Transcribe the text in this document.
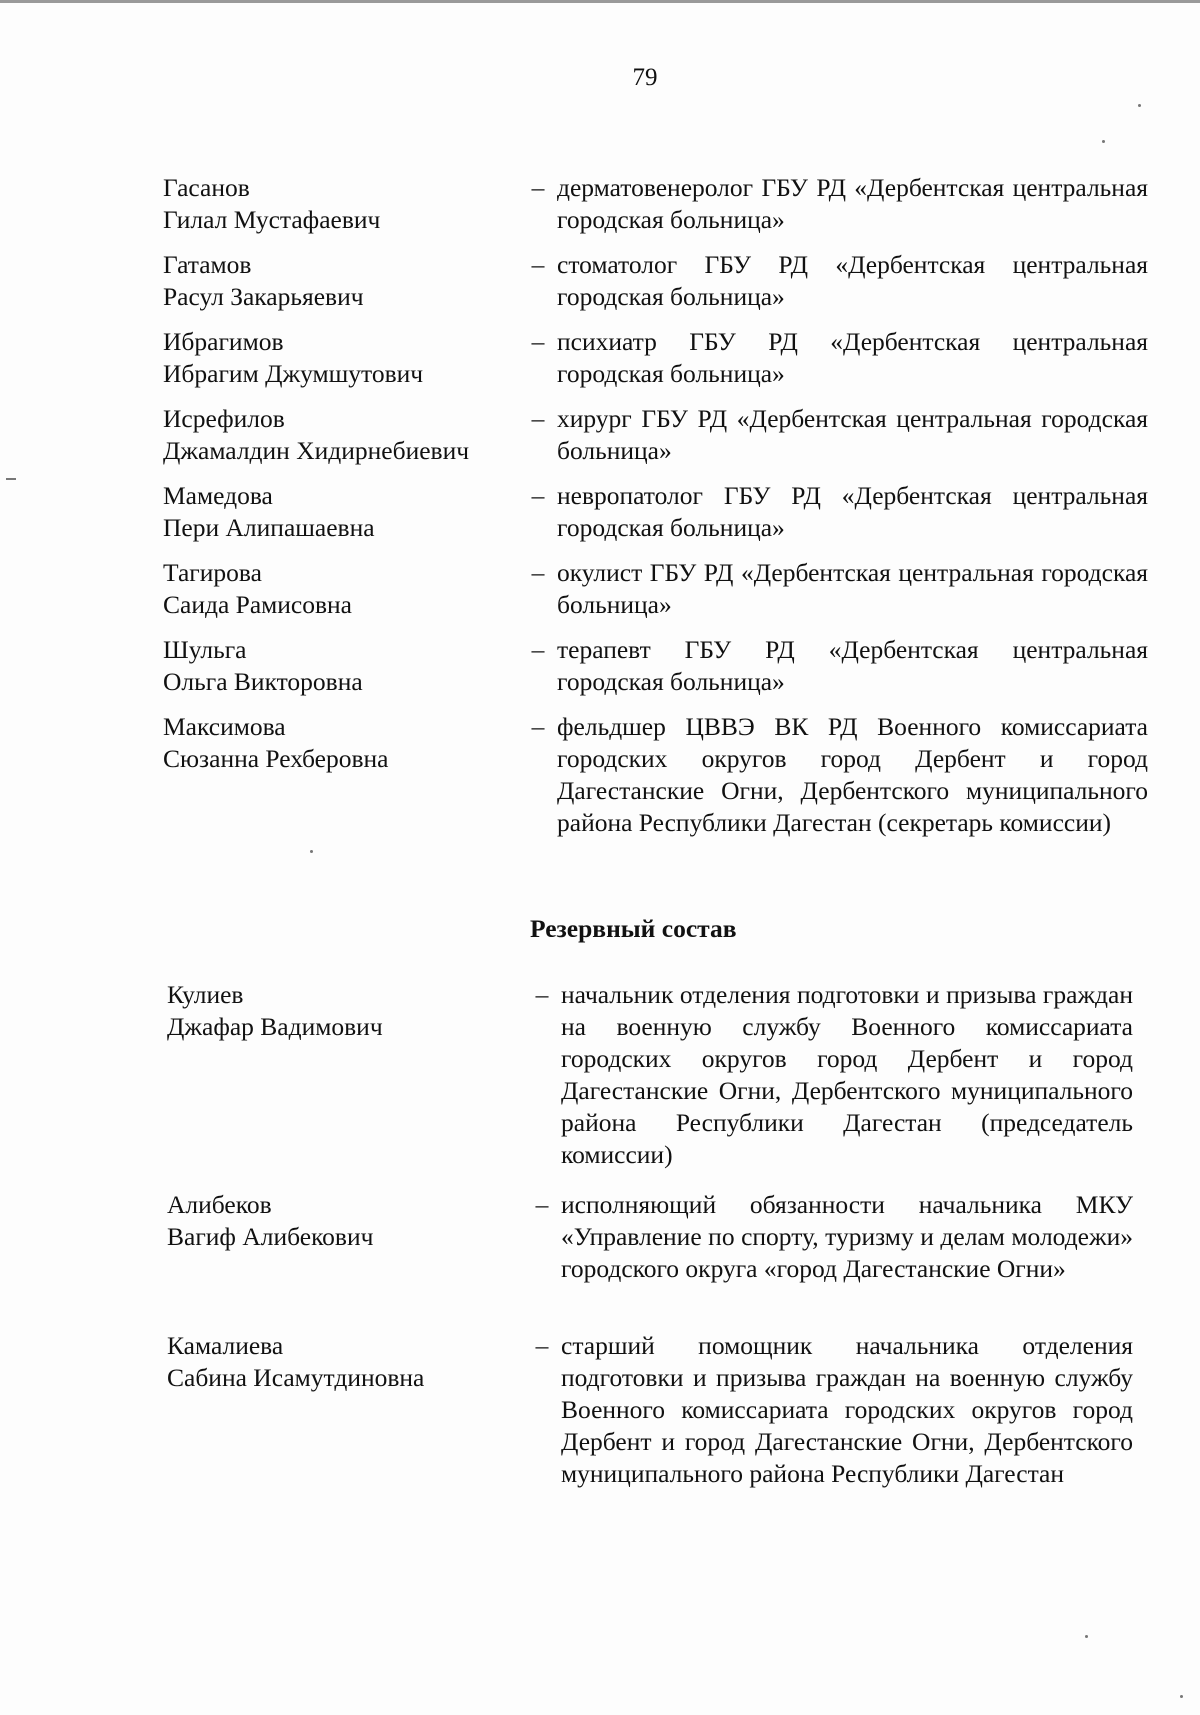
79
Гасанов
Гилал Мустафаевич
– дерматовенеролог ГБУ РД «Дербентская центральная городская больница»
Гатамов
Расул Закарьяевич
– стоматолог ГБУ РД «Дербентская центральная городская больница»
Ибрагимов
Ибрагим Джумшутович
– психиатр ГБУ РД «Дербентская центральная городская больница»
Исрефилов
Джамалдин Хидирнебиевич
– хирург ГБУ РД «Дербентская центральная городская больница»
Мамедова
Пери Алипашаевна
– невропатолог ГБУ РД «Дербентская центральная городская больница»
Тагирова
Саида Рамисовна
– окулист ГБУ РД «Дербентская центральная городская больница»
Шульга
Ольга Викторовна
– терапевт ГБУ РД «Дербентская центральная городская больница»
Максимова
Сюзанна Рехберовна
– фельдшер ЦВВЭ ВК РД Военного комиссариата городских округов город Дербент и город Дагестанские Огни, Дербентского муниципального района Республики Дагестан (секретарь комиссии)
Резервный состав
Кулиев
Джафар Вадимович
– начальник отделения подготовки и призыва граждан на военную службу Военного комиссариата городских округов город Дербент и город Дагестанские Огни, Дербентского муниципального района Республики Дагестан (председатель комиссии)
Алибеков
Вагиф Алибекович
– исполняющий обязанности начальника МКУ «Управление по спорту, туризму и делам молодежи» городского округа «город Дагестанские Огни»
Камалиева
Сабина Исамутдиновна
– старший помощник начальника отделения подготовки и призыва граждан на военную службу Военного комиссариата городских округов город Дербент и город Дагестанские Огни, Дербентского муниципального района Республики Дагестан
